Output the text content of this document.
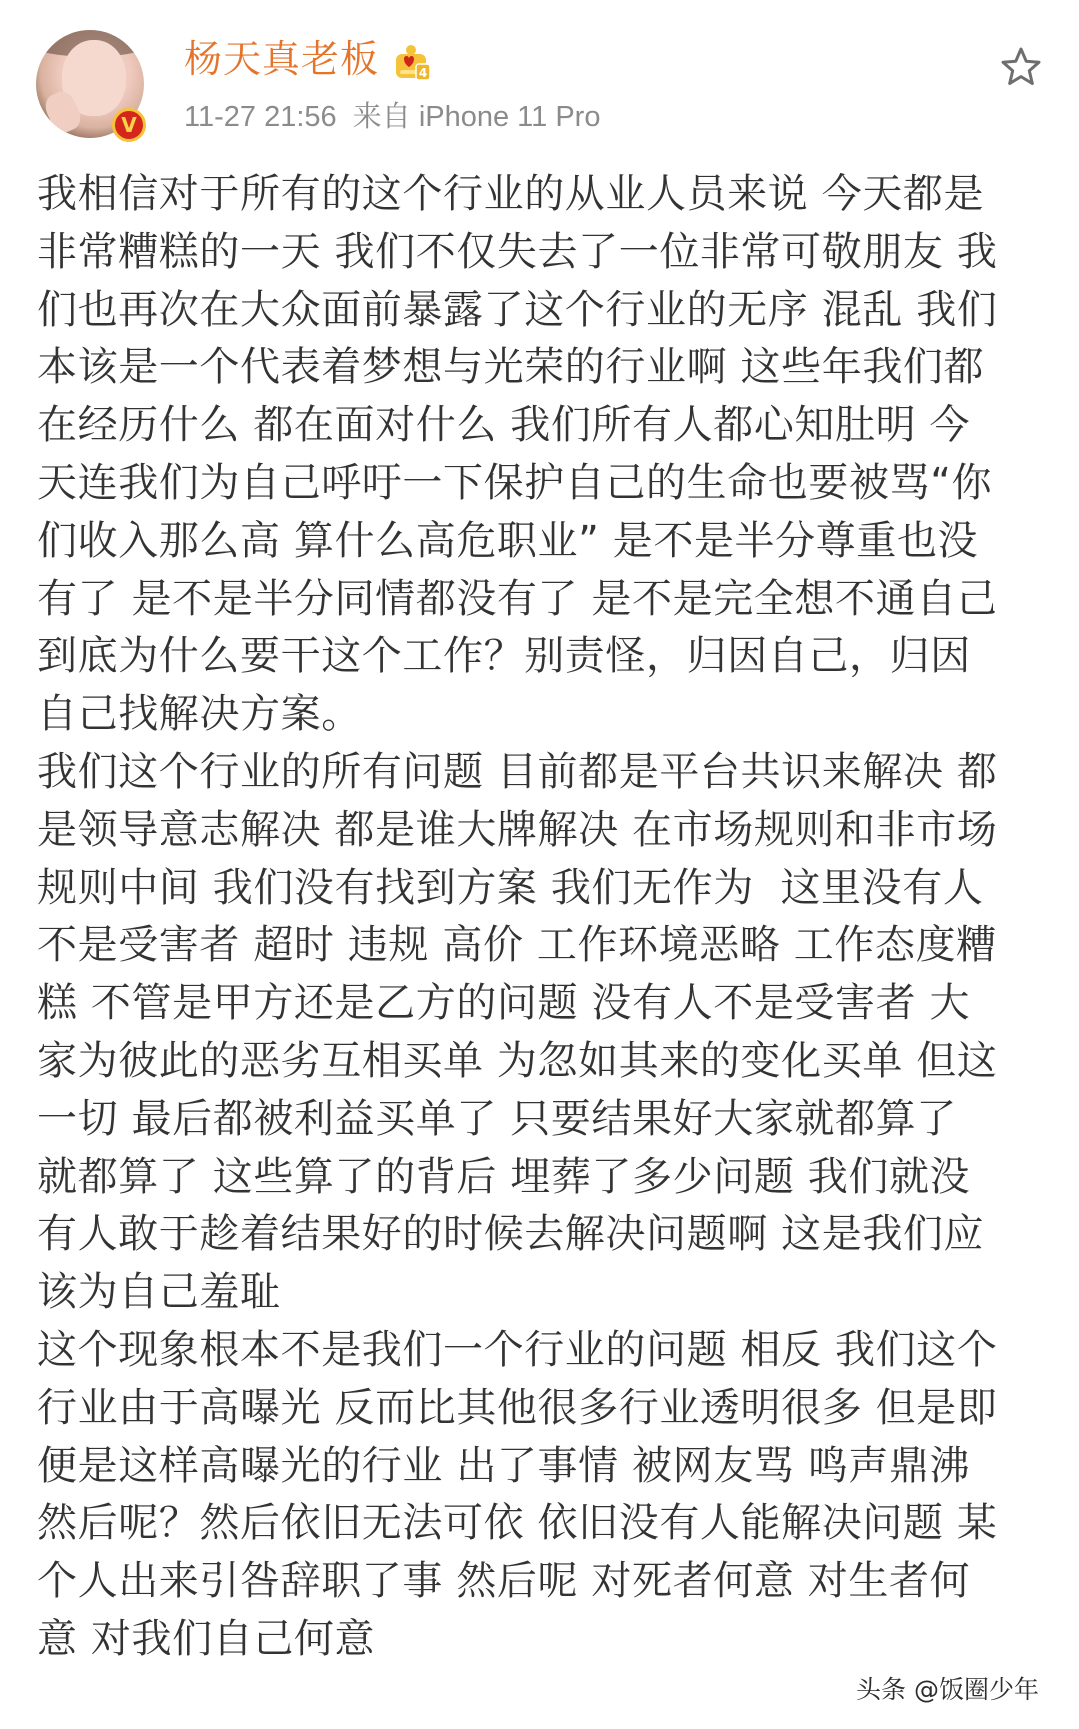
V
杨天真老板	4
11-27 21:56  来自 iPhone 11 Pro
我相信对于所有的这个行业的从业人员来说 今天都是
非常糟糕的一天 我们不仅失去了一位非常可敬朋友 我
们也再次在大众面前暴露了这个行业的无序 混乱 我们
本该是一个代表着梦想与光荣的行业啊 这些年我们都
在经历什么 都在面对什么 我们所有人都心知肚明 今
天连我们为自己呼吁一下保护自己的生命也要被骂“你
们收入那么高 算什么高危职业” 是不是半分尊重也没
有了 是不是半分同情都没有了 是不是完全想不通自己
到底为什么要干这个工作？别责怪，归因自己，归因
自己找解决方案。
我们这个行业的所有问题 目前都是平台共识来解决 都
是领导意志解决 都是谁大牌解决 在市场规则和非市场
规则中间 我们没有找到方案 我们无作为  这里没有人
不是受害者 超时 违规 高价 工作环境恶略 工作态度糟
糕 不管是甲方还是乙方的问题 没有人不是受害者 大
家为彼此的恶劣互相买单 为忽如其来的变化买单 但这
一切 最后都被利益买单了 只要结果好大家就都算了
就都算了 这些算了的背后 埋葬了多少问题 我们就没
有人敢于趁着结果好的时候去解决问题啊 这是我们应
该为自己羞耻
这个现象根本不是我们一个行业的问题 相反 我们这个
行业由于高曝光 反而比其他很多行业透明很多 但是即
便是这样高曝光的行业 出了事情 被网友骂 鸣声鼎沸
然后呢？然后依旧无法可依 依旧没有人能解决问题 某
个人出来引咎辞职了事 然后呢 对死者何意 对生者何
意 对我们自己何意
头条 @饭圈少年
